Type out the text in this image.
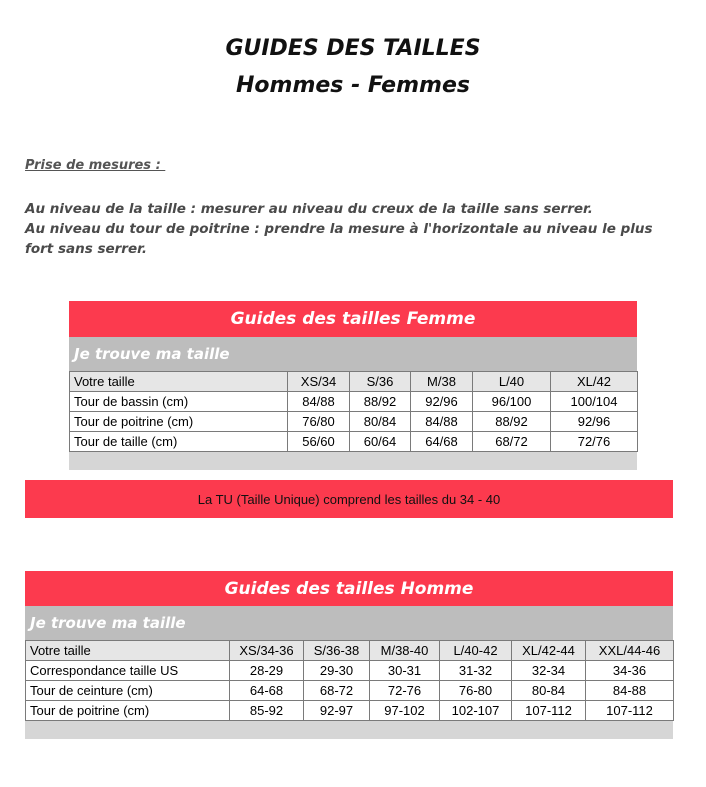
GUIDES DES TAILLES
Hommes - Femmes
Prise de mesures :

Au niveau de la taille : mesurer au niveau du creux de la taille sans serrer.

Au niveau du tour de poitrine : prendre la mesure à l'horizontale au niveau le plus fort sans serrer.

Guides des tailles Femme
Je trouve ma taille
Votre taille	XS/34	S/36	M/38	L/40	XL/42
Tour de bassin (cm)	84/88	88/92	92/96	96/100	100/104
Tour de poitrine (cm)	76/80	80/84	84/88	88/92	92/96
Tour de taille (cm)	56/60	60/64	64/68	68/72	72/76
La TU (Taille Unique) comprend les tailles du 34 - 40
Guides des tailles Homme
Je trouve ma taille
Votre taille	XS/34-36	S/36-38	M/38-40	L/40-42	XL/42-44	XXL/44-46
Correspondance taille US	28-29	29-30	30-31	31-32	32-34	34-36
Tour de ceinture (cm)	64-68	68-72	72-76	76-80	80-84	84-88
Tour de poitrine (cm)	85-92	92-97	97-102	102-107	107-112	107-112
